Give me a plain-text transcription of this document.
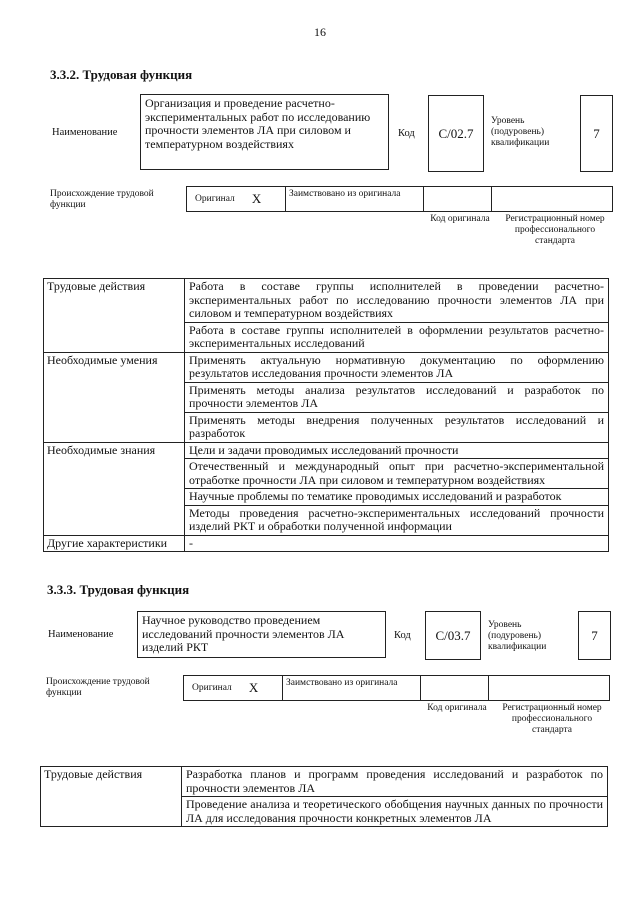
16
3.3.2. Трудовая функция
Наименование
Организация и проведение расчетно-экспериментальных работ по исследованию прочности элементов ЛА при силовом и температурном воздействиях
Код С/02.7
Уровень (подуровень) квалификации
7
Происхождение трудовой функции
Оригинал X	Заимствовано из оригинала
Код оригинала	Регистрационный номер профессионального стандарта
Трудовые действия	Работа в составе группы исполнителей в проведении расчетно-экспериментальных работ по исследованию прочности элементов ЛА при силовом и температурном воздействиях
	Работа в составе группы исполнителей в оформлении результатов расчетно-экспериментальных исследований
Необходимые умения	Применять актуальную нормативную документацию по оформлению результатов исследования прочности элементов ЛА
	Применять методы анализа результатов исследований и разработок по прочности элементов ЛА
	Применять методы внедрения полученных результатов исследований и разработок
Необходимые знания	Цели и задачи проводимых исследований прочности
	Отечественный и международный опыт при расчетно-экспериментальной отработке прочности ЛА при силовом и температурном воздействиях
	Научные проблемы по тематике проводимых исследований и разработок
	Методы проведения расчетно-экспериментальных исследований прочности изделий РКТ и обработки полученной информации
Другие характеристики	-
3.3.3. Трудовая функция
Наименование
Научное руководство проведением исследований прочности элементов ЛА изделий РКТ
Код С/03.7
Уровень (подуровень) квалификации
7
Происхождение трудовой функции
Оригинал X	Заимствовано из оригинала
Код оригинала	Регистрационный номер профессионального стандарта
Трудовые действия	Разработка планов и программ проведения исследований и разработок по прочности элементов ЛА
Проведение анализа и теоретического обобщения научных данных по прочности ЛА для исследования прочности конкретных элементов ЛА
